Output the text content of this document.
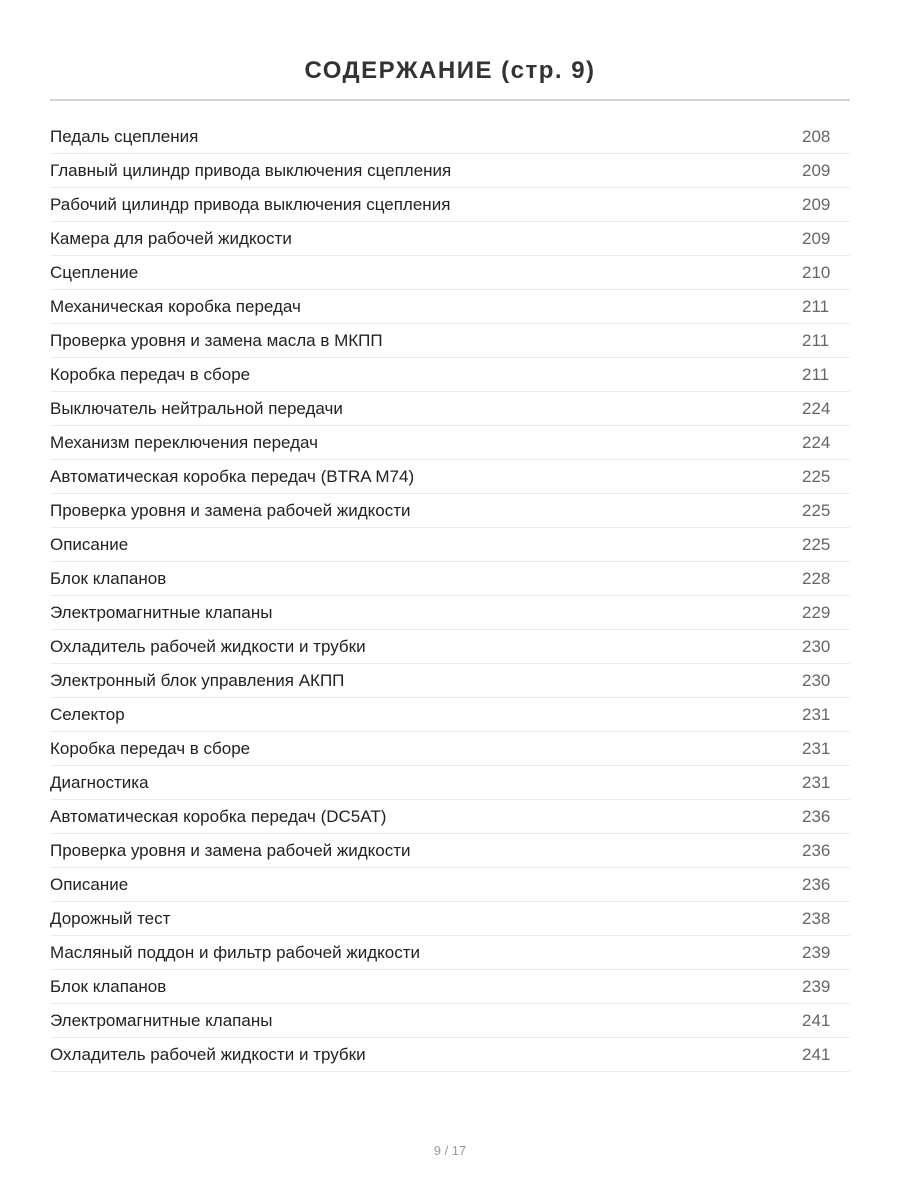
СОДЕРЖАНИЕ (стр. 9)
Педаль сцепления	208
Главный цилиндр привода выключения сцепления	209
Рабочий цилиндр привода выключения сцепления	209
Камера для рабочей жидкости	209
Сцепление	210
Механическая коробка передач	211
Проверка уровня и замена масла в МКПП	211
Коробка передач в сборе	211
Выключатель нейтральной передачи	224
Механизм переключения передач	224
Автоматическая коробка передач (BTRA M74)	225
Проверка уровня и замена рабочей жидкости	225
Описание	225
Блок клапанов	228
Электромагнитные клапаны	229
Охладитель рабочей жидкости и трубки	230
Электронный блок управления АКПП	230
Селектор	231
Коробка передач в сборе	231
Диагностика	231
Автоматическая коробка передач (DC5AT)	236
Проверка уровня и замена рабочей жидкости	236
Описание	236
Дорожный тест	238
Масляный поддон и фильтр рабочей жидкости	239
Блок клапанов	239
Электромагнитные клапаны	241
Охладитель рабочей жидкости и трубки	241
9 / 17
